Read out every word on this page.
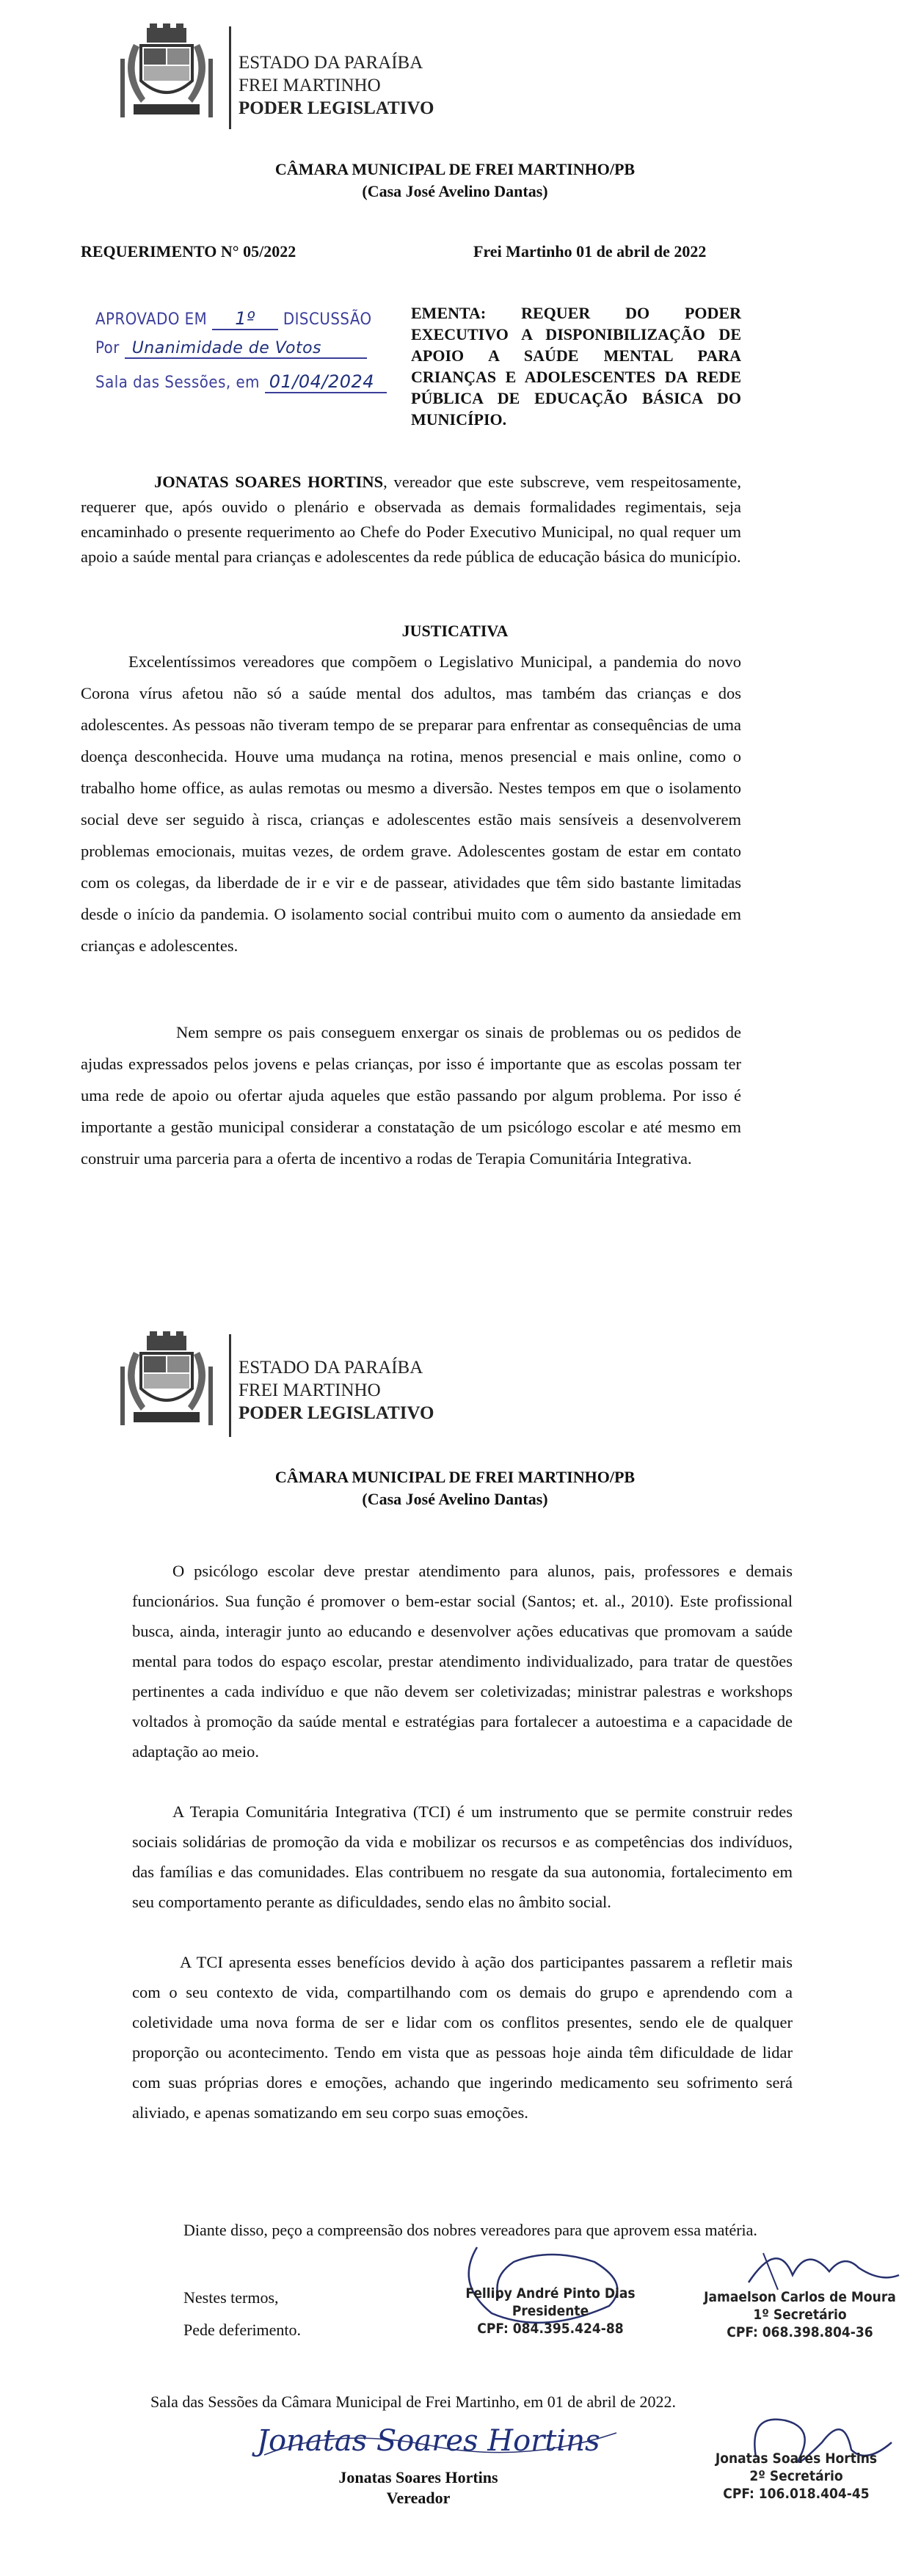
ESTADO DA PARAÍBA
FREI MARTINHO
PODER LEGISLATIVO
CÂMARA MUNICIPAL DE FREI MARTINHO/PB
(Casa José Avelino Dantas)
REQUERIMENTO N° 05/2022	Frei Martinho 01 de abril de 2022
APROVADO EM 1º DISCUSSÃO
Por Unanimidade de Votos
Sala das Sessões, em 01/04/2024
EMENTA: REQUER DO PODER EXECUTIVO A DISPONIBILIZAÇÃO DE APOIO A SAÚDE MENTAL PARA CRIANÇAS E ADOLESCENTES DA REDE PÚBLICA DE EDUCAÇÃO BÁSICA DO MUNICÍPIO.

JONATAS SOARES HORTINS, vereador que este subscreve, vem respeitosamente, requerer que, após ouvido o plenário e observada as demais formalidades regimentais, seja encaminhado o presente requerimento ao Chefe do Poder Executivo Municipal, no qual requer um apoio a saúde mental para crianças e adolescentes da rede pública de educação básica do município.

JUSTICATIVA

Excelentíssimos vereadores que compõem o Legislativo Municipal, a pandemia do novo Corona vírus afetou não só a saúde mental dos adultos, mas também das crianças e dos adolescentes. As pessoas não tiveram tempo de se preparar para enfrentar as consequências de uma doença desconhecida. Houve uma mudança na rotina, menos presencial e mais online, como o trabalho home office, as aulas remotas ou mesmo a diversão. Nestes tempos em que o isolamento social deve ser seguido à risca, crianças e adolescentes estão mais sensíveis a desenvolverem problemas emocionais, muitas vezes, de ordem grave. Adolescentes gostam de estar em contato com os colegas, da liberdade de ir e vir e de passear, atividades que têm sido bastante limitadas desde o início da pandemia. O isolamento social contribui muito com o aumento da ansiedade em crianças e adolescentes.

Nem sempre os pais conseguem enxergar os sinais de problemas ou os pedidos de ajudas expressados pelos jovens e pelas crianças, por isso é importante que as escolas possam ter uma rede de apoio ou ofertar ajuda aqueles que estão passando por algum problema. Por isso é importante a gestão municipal considerar a constatação de um psicólogo escolar e até mesmo em construir uma parceria para a oferta de incentivo a rodas de Terapia Comunitária Integrativa.

ESTADO DA PARAÍBA
FREI MARTINHO
PODER LEGISLATIVO
CÂMARA MUNICIPAL DE FREI MARTINHO/PB
(Casa José Avelino Dantas)

O psicólogo escolar deve prestar atendimento para alunos, pais, professores e demais funcionários. Sua função é promover o bem-estar social (Santos; et. al., 2010). Este profissional busca, ainda, interagir junto ao educando e desenvolver ações educativas que promovam a saúde mental para todos do espaço escolar, prestar atendimento individualizado, para tratar de questões pertinentes a cada indivíduo e que não devem ser coletivizadas; ministrar palestras e workshops voltados à promoção da saúde mental e estratégias para fortalecer a autoestima e a capacidade de adaptação ao meio.

A Terapia Comunitária Integrativa (TCI) é um instrumento que se permite construir redes sociais solidárias de promoção da vida e mobilizar os recursos e as competências dos indivíduos, das famílias e das comunidades. Elas contribuem no resgate da sua autonomia, fortalecimento em seu comportamento perante as dificuldades, sendo elas no âmbito social.

A TCI apresenta esses benefícios devido à ação dos participantes passarem a refletir mais com o seu contexto de vida, compartilhando com os demais do grupo e aprendendo com a coletividade uma nova forma de ser e lidar com os conflitos presentes, sendo ele de qualquer proporção ou acontecimento. Tendo em vista que as pessoas hoje ainda têm dificuldade de lidar com suas próprias dores e emoções, achando que ingerindo medicamento seu sofrimento será aliviado, e apenas somatizando em seu corpo suas emoções.

Diante disso, peço a compreensão dos nobres vereadores para que aprovem essa matéria.

Nestes termos,
Pede deferimento.
Fellipy André Pinto Dias
Presidente
CPF: 084.395.424-88
Jamaelson Carlos de Moura
1º Secretário
CPF: 068.398.804-36
Sala das Sessões da Câmara Municipal de Frei Martinho, em 01 de abril de 2022.
Jonatas Soares Hortins
Jonatas Soares Hortins
Vereador
Jonatas Soares Hortins
2º Secretário
CPF: 106.018.404-45
